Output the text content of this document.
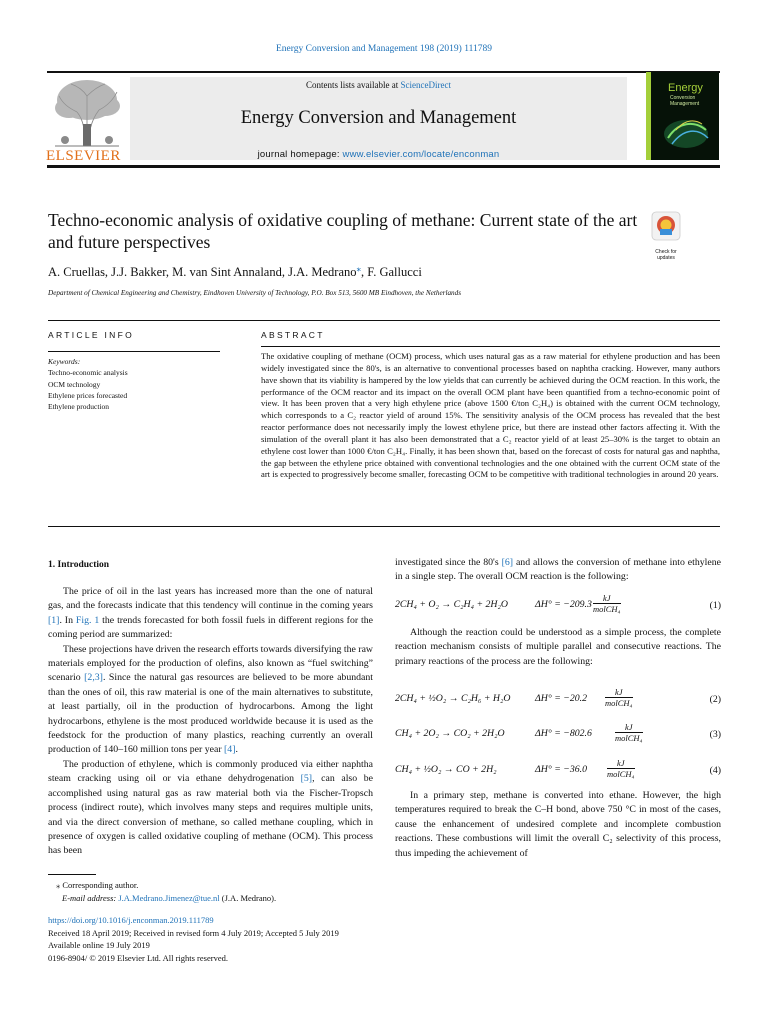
Energy Conversion and Management 198 (2019) 111789
ELSEVIER
Contents lists available at ScienceDirect
Energy Conversion and Management
journal homepage: www.elsevier.com/locate/enconman
Energy
Conversion
Management
Techno-economic analysis of oxidative coupling of methane: Current state of the art and future perspectives	Check for updates
A. Cruellas, J.J. Bakker, M. van Sint Annaland, J.A. Medrano⁎, F. Gallucci
Department of Chemical Engineering and Chemistry, Eindhoven University of Technology, P.O. Box 513, 5600 MB Eindhoven, the Netherlands
ARTICLE INFO	ABSTRACT
Keywords:
Techno-economic analysis
OCM technology
Ethylene prices forecasted
Ethylene production
The oxidative coupling of methane (OCM) process, which uses natural gas as a raw material for ethylene production and has been widely investigated since the 80's, is an alternative to conventional processes based on naphtha cracking. However, many authors have shown that its viability is hampered by the low yields that can currently be achieved during the OCM reaction. In this work, the performance of the OCM reactor and its impact on the overall OCM plant have been quantified from a techno-economic point of view. It has been proven that a very high ethylene price (above 1500 €/ton C₂H₄) is obtained with the current OCM technology, which corresponds to a C₂ reactor yield of around 15%. The sensitivity analysis of the OCM process has revealed that the best reactor performance does not necessarily imply the lowest ethylene price, but there are instead other factors affecting it. With the simulation of the overall plant it has also been demonstrated that a C₂ reactor yield of at least 25–30% is the target to obtain an ethylene cost lower than 1000 €/ton C₂H₄. Finally, it has been shown that, based on the forecast of costs for natural gas and naphtha, the gap between the ethylene price obtained with conventional technologies and the one obtained with the current OCM state of the art is expected to progressively become smaller, forecasting OCM to be competitive with traditional technologies in around 20 years.
1. Introduction

The price of oil in the last years has increased more than the one of natural gas, and the forecasts indicate that this tendency will continue in the coming years [1]. In Fig. 1 the trends forecasted for both fossil fuels in different regions for the coming period are summarized:

These projections have driven the research efforts towards diversifying the raw materials employed for the production of olefins, also known as “fuel switching” scenario [2,3]. Since the natural gas resources are believed to be more abundant than the ones of oil, this raw material is one of the main alternatives to substitute, at least partially, oil in the production of hydrocarbons. Among the light hydrocarbons, ethylene is the most produced worldwide because it is used as the feedstock for the production of many plastics, reaching currently an overall production of 140–160 million tons per year [4].

The production of ethylene, which is commonly produced via either naphtha steam cracking using oil or via ethane dehydrogenation [5], can also be accomplished using natural gas as raw material both via the Fischer-Tropsch process (indirect route), which involves many steps and requires multiple units, and via the direct conversion of methane, so called methane coupling, which in presence of oxygen is called oxidative coupling of methane (OCM). This process has been

investigated since the 80's [6] and allows the conversion of methane into ethylene in a single step. The overall OCM reaction is the following:
2CH₄ + O₂ → C₂H₄ + 2H₂O	ΔH° = −209.3
kJ
molCH₄	(1)
Although the reaction could be understood as a simple process, the complete reaction mechanism consists of multiple parallel and consecutive reactions. The primary reactions of the process are the following:
2CH₄ + ½O₂ → C₂H₆ + H₂O	ΔH° = −20.2
kJ
molCH₄	(2)
CH₄ + 2O₂ → CO₂ + 2H₂O	ΔH° = −802.6
kJ
molCH₄	(3)
CH₄ + ½O₂ → CO + 2H₂	ΔH° = −36.0
kJ
molCH₄	(4)
In a primary step, methane is converted into ethane. However, the high temperatures required to break the C–H bond, above 750 °C in most of the cases, cause the enhancement of undesired complete and incomplete combustion reactions. These combustions will limit the overall C₂ selectivity of this process, thus impeding the achievement of
⁎ Corresponding author.
E-mail address: J.A.Medrano.Jimenez@tue.nl (J.A. Medrano).
https://doi.org/10.1016/j.enconman.2019.111789
Received 18 April 2019; Received in revised form 4 July 2019; Accepted 5 July 2019
Available online 19 July 2019
0196-8904/ © 2019 Elsevier Ltd. All rights reserved.
